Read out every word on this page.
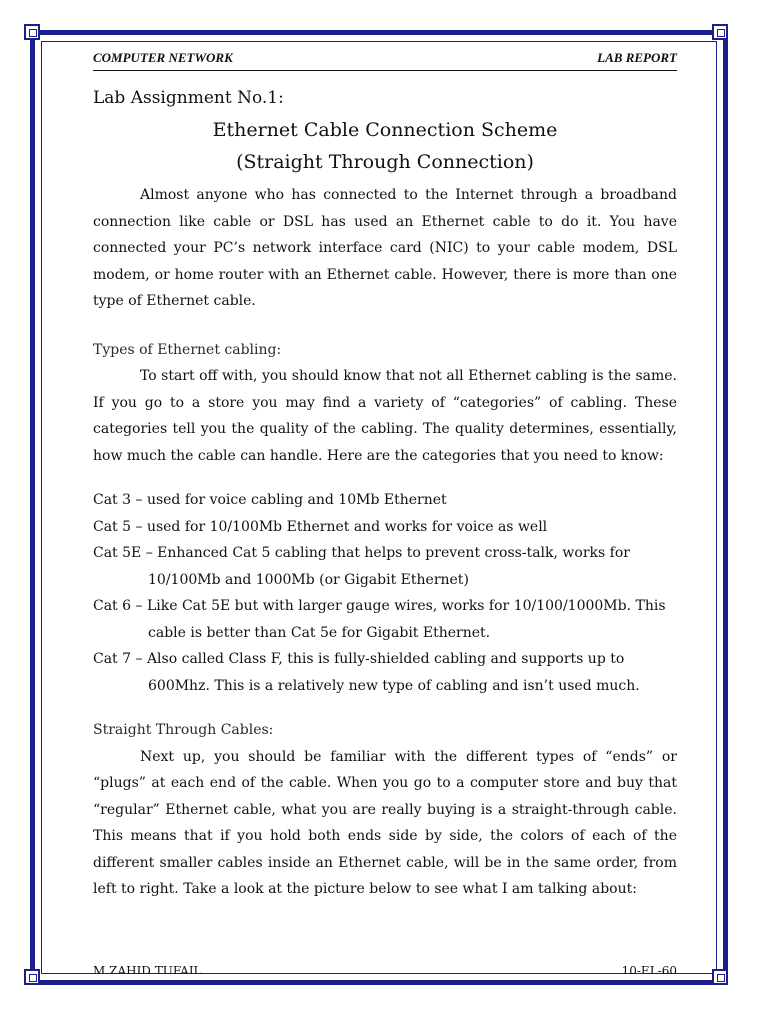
COMPUTER NETWORK	LAB REPORT
Lab Assignment No.1:
Ethernet Cable Connection Scheme
(Straight Through Connection)

Almost anyone who has connected to the Internet through a broadband connection like cable or DSL has used an Ethernet cable to do it. You have connected your PC’s network interface card (NIC) to your cable modem, DSL modem, or home router with an Ethernet cable. However, there is more than one type of Ethernet cable.

Types of Ethernet cabling:

To start off with, you should know that not all Ethernet cabling is the same. If you go to a store you may find a variety of “categories” of cabling. These categories tell you the quality of the cabling. The quality determines, essentially, how much the cable can handle. Here are the categories that you need to know:

Cat 3 – used for voice cabling and 10Mb Ethernet
Cat 5 – used for 10/100Mb Ethernet and works for voice as well
Cat 5E – Enhanced Cat 5 cabling that helps to prevent cross-talk, works for 10/100Mb and 1000Mb (or Gigabit Ethernet)
Cat 6 – Like Cat 5E but with larger gauge wires, works for 10/100/1000Mb. This cable is better than Cat 5e for Gigabit Ethernet.
Cat 7 – Also called Class F, this is fully-shielded cabling and supports up to 600Mhz. This is a relatively new type of cabling and isn’t used much.
Straight Through Cables:

Next up, you should be familiar with the different types of “ends” or “plugs” at each end of the cable. When you go to a computer store and buy that “regular” Ethernet cable, what you are really buying is a straight-through cable. This means that if you hold both ends side by side, the colors of each of the different smaller cables inside an Ethernet cable, will be in the same order, from left to right. Take a look at the picture below to see what I am talking about:

M.ZAHID TUFAIL	10-EL-60
